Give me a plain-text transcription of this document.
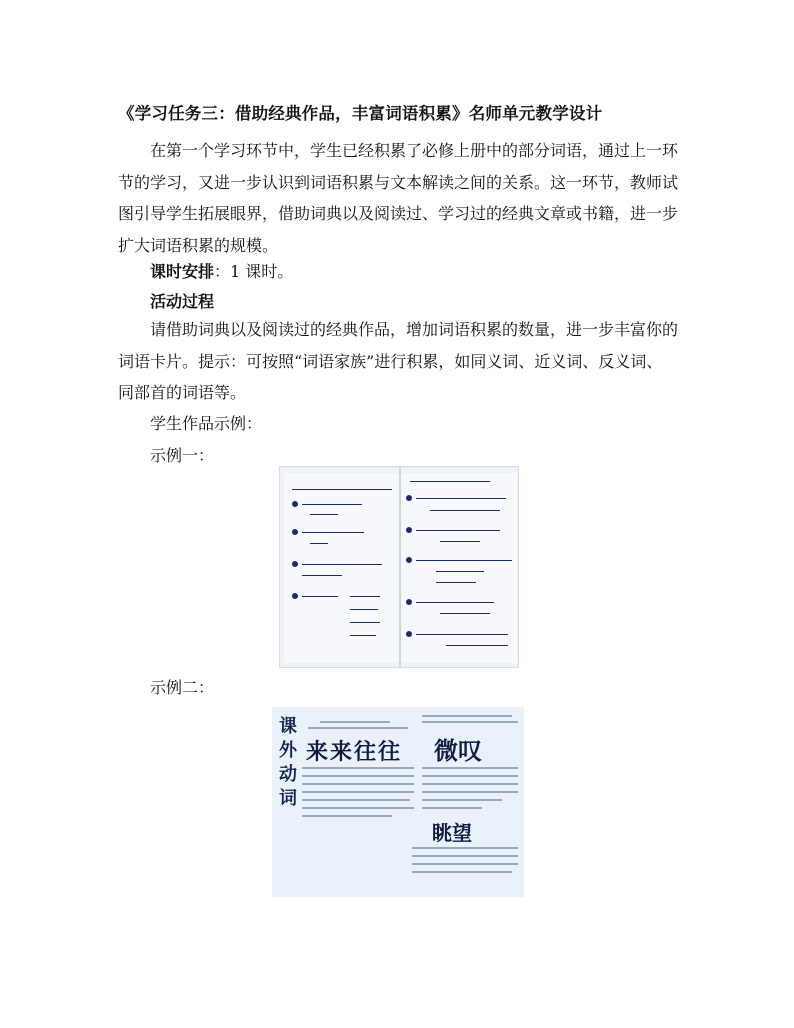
《学习任务三：借助经典作品，丰富词语积累》名师单元教学设计

在第一个学习环节中，学生已经积累了必修上册中的部分词语，通过上一环节的学习，又进一步认识到词语积累与文本解读之间的关系。这一环节，教师试图引导学生拓展眼界，借助词典以及阅读过、学习过的经典文章或书籍，进一步扩大词语积累的规模。

课时安排：1 课时。
活动过程

请借助词典以及阅读过的经典作品，增加词语积累的数量，进一步丰富你的词语卡片。提示：可按照“词语家族”进行积累，如同义词、近义词、反义词、同部首的词语等。

学生作品示例：
示例一：
示例二：
课外动词
来来往往 微叹
眺望
